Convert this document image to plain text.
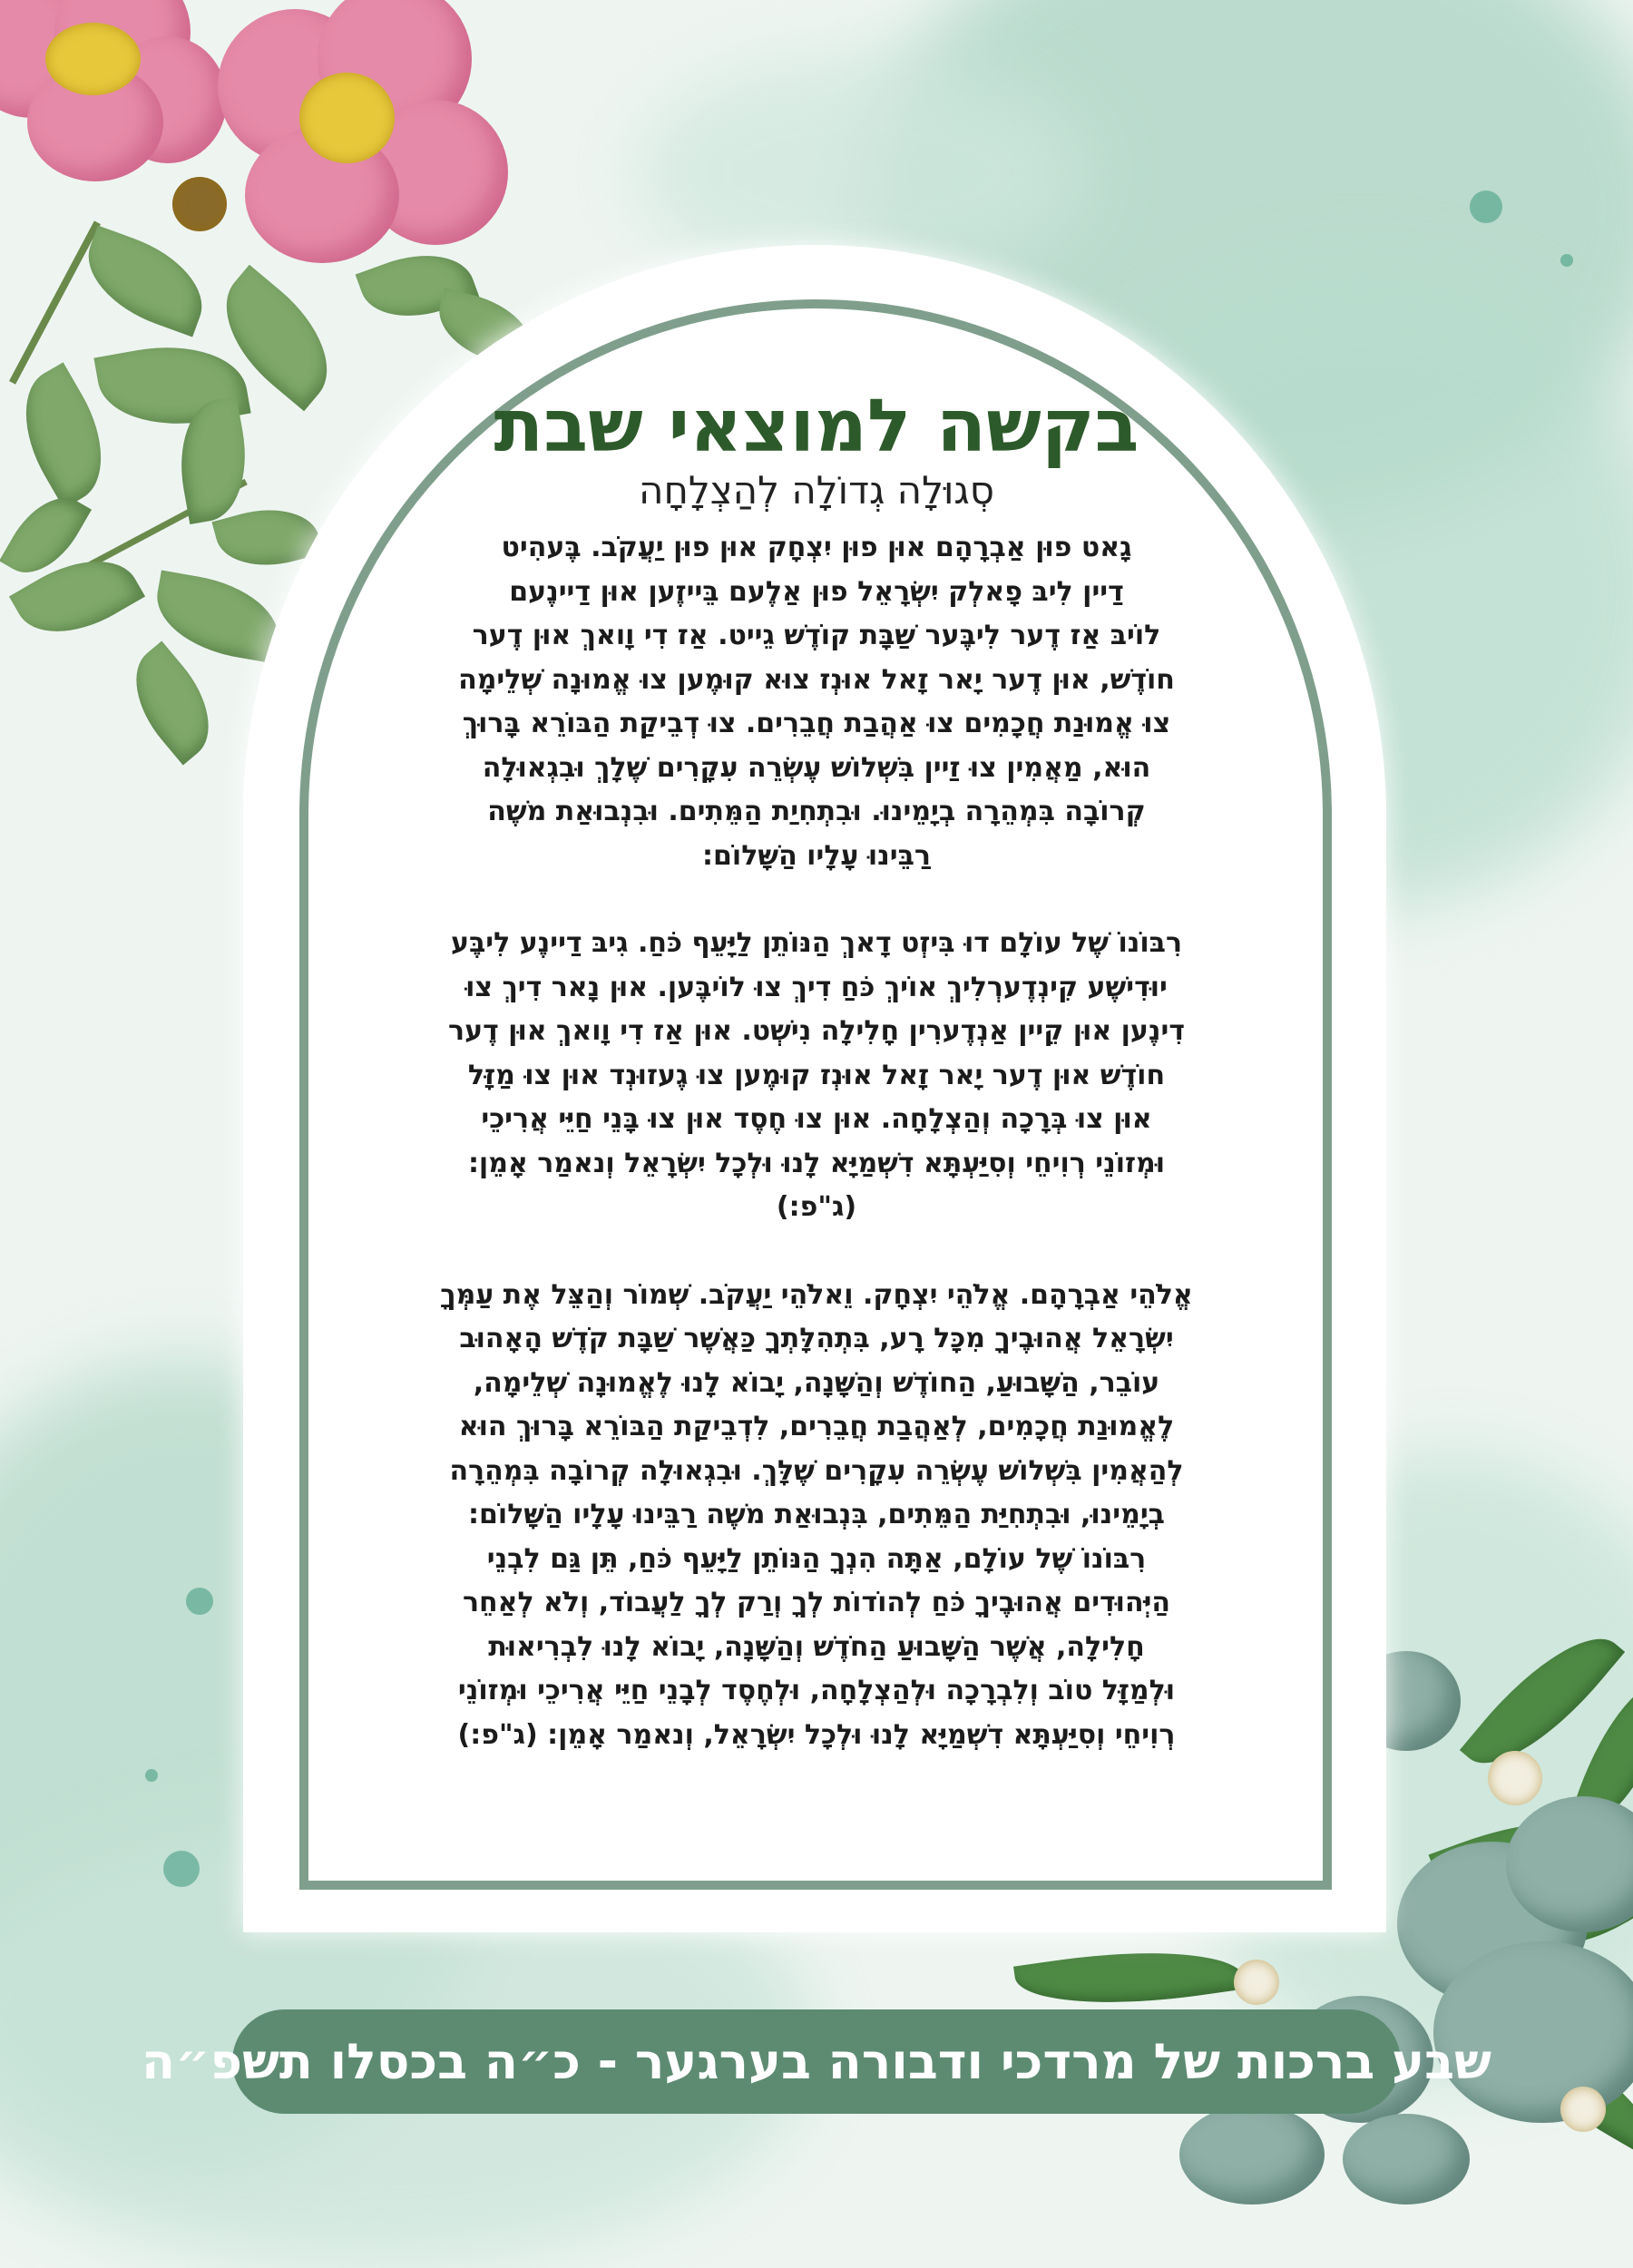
בקשה למוצאי שבת
סְגוּלָה גְדוֹלָה לְהַצְלָחָה

גָאט פוּן אַבְרָהָם אוּן פוּן יִצְחָק אוּן פוּן יַעֲקֹב. בֶּעהִיט
דַיין לִיבּ פָאלְק יִשְׂרָאֵל פוּן אַלֶעם בֵּייזֶען אוּן דַיינֶעם
לוֹיבּ אַז דֶער לִיבֶּער שַׁבָּת קוֹדֶשׁ גֵייט. אַז דִי וָואךְ אוּן דֶער
חוֹדֶשׁ, אוּן דֶער יָאר זָאל אוּנְז צוּא קוּמֶען צוּ אֱמוּנָה שְׁלֵימָה
צוּ אֱמוּנַת חֲכָמִים צוּ אַהֲבַת חֲבֵרִים. צוּ דְבֵיקַת הַבּוֹרֵא בָּרוּךְ
הוּא, מַאֲמִין צוּ זַיין בִּשְׁלוֹשׁ עֶשְׂרֵה עִקָרִים שֶׁלָךְ וּבִגְאוּלָה
קְרוֹבָה בִּמְהֵרָה בְיָמֵינוּ. וּבִתְחִיַת הַמֵּתִים. וּבִנְבוּאַת משֶׁה
רַבֵּינוּ עָלָיו הַשָּׁלוֹם:

רִבּוֹנוֹ שֶׁל עוֹלָם דוּ בִּיזְט דָאךְ הַנּוֹתֵן לַיָּעֵף כֹּחַ. גִיבּ דַיינֶע לִיבֶּע
יוּדִישֶׁע קִינְדֶערְלִיךְ אוֹיךְ כֹּחַ דִיךְ צוּ לוֹיבֶּען. אוּן נָאר דִיךְ צוּ
דִינֶען אוּן קֵיין אַנְדֶערִין חָלִילָה נִישְׁט. אוּן אַז דִי וָואךְ אוּן דֶער
חוֹדֶשׁ אוּן דֶער יָאר זָאל אוּנְז קוּמֶען צוּ גֶעזוּנְד אוּן צוּ מַזָּל
אוּן צוּ בְּרָכָה וְהַצְלָחָה. אוּן צוּ חֶסֶד אוּן צוּ בָּנֵי חַיֵּי אֲרִיכֵי
וּמְזוֹנֵי רְוִיחֵי וְסִיַּעְתָּא דִשְׁמַיָּא לָנוּ וּלְכָל יִשְׂרָאֵל וְנאמַר אָמֵן:
(ג"פ:)

אֱלֹהֵי אַבְרָהָם. אֱלֹהֵי יִצְחָק. וֵאלֹהֵי יַעֲקֹב. שְׁמוֹר וְהַצֵּל אֶת עַמְּךָ
יִשְׂרָאֵל אֲהוּבֶיךָ מִכָּל רָע, בִּתְהִלָּתְךָ כַּאֲשֶׁר שַׁבָּת קֹדֶשׁ הָאָהוּב
עוֹבֵר, הַשָּׁבוּעַ, הַחוֹדֶשׁ וְהַשָּׁנָה, יָבוֹא לָנוּ לֶאֱמוּנָה שְׁלֵימָה,
לֶאֱמוּנַת חֲכָמִים, לְאַהֲבַת חֲבֵרִים, לִדְבֵיקַת הַבּוֹרֵא בָּרוּךְ הוּא
לְהַאֲמִין בִּשְׁלוֹשׁ עֶשְׂרֵה עִקָרִים שֶׁלָּךְ. וּבִגְאוּלָה קְרוֹבָה בִּמְהֵרָה
בְיָמֵינוּ, וּבִתְחִיַּת הַמֵּתִים, בִּנְבוּאַת משֶׁה רַבֵּינוּ עָלָיו הַשָּׁלוֹם:
רִבּוֹנוֹ שֶׁל עוֹלָם, אַתָּה הִנְךָ הַנּוֹתֵן לַיָּעֵף כֹּחַ, תֵּן גַּם לִבְנֵי
הַיְּהוּדִים אֲהוּבֶיךָ כֹּחַ לְהוֹדוֹת לְךָ וְרַק לְךָ לַעֲבוֹד, וְלֹא לְאַחֵר
חָלִילָה, אֲשֶׁר הַשָּׁבוּעַ הַחֹדֶשׁ וְהַשָּׁנָה, יָבוֹא לָנוּ לִבְרִיאוּת
וּלְמַזָּל טוֹב וְלִבְרָכָה וּלְהַצְלָחָה, וּלְחֶסֶד לְבָנֵי חַיֵּי אֲרִיכֵי וּמְזוֹנֵי
רְוִיחֵי וְסִיַּעְתָּא דִשְׁמַיָּא לָנוּ וּלְכָל יִשְׂרָאֵל, וְנאמַר אָמֵן: (ג"פ:)

שבע ברכות של מרדכי ודבורה בערגער - כ״ה בכסלו תשפ״ה
